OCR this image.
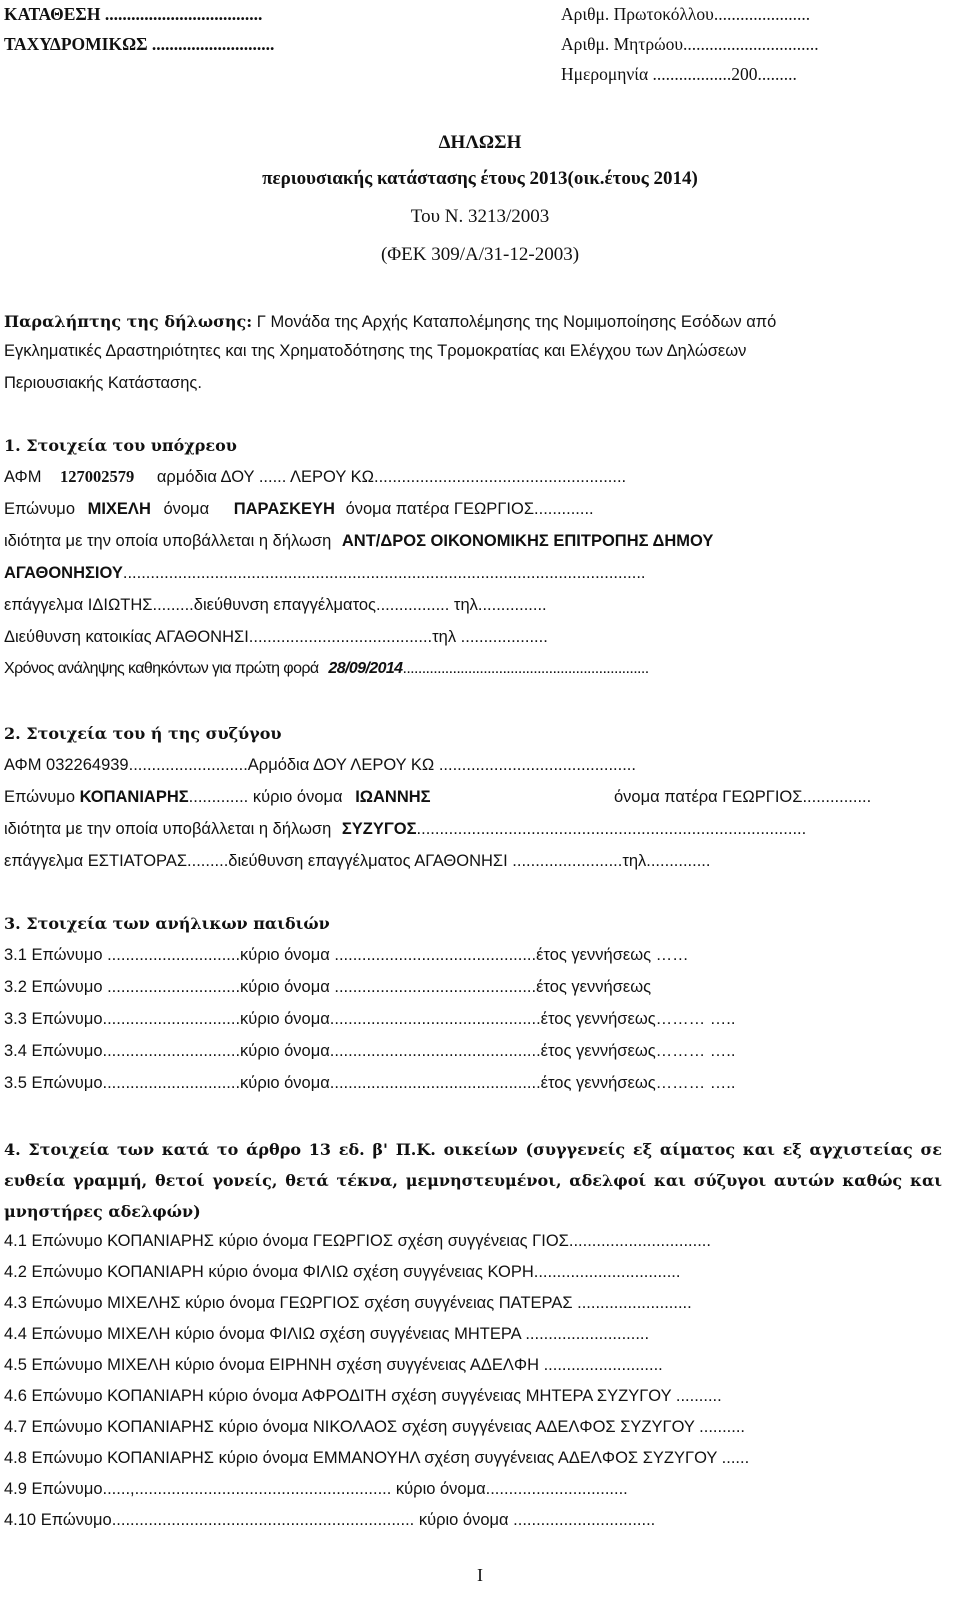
ΚΑΤΑΘΕΣΗ ....................................
ΤΑΧΥΔΡΟΜΙΚΩΣ ............................
Αριθμ. Πρωτοκόλλου......................
Αριθμ. Μητρώου...............................
Ημερομηνία ..................200.........
ΔΗΛΩΣΗ
περιουσιακής κατάστασης έτους 2013(οικ.έτους 2014)
Του Ν. 3213/2003
(ΦΕΚ 309/Α/31-12-2003)
Παραλήπτης της δήλωσης: Γ Μονάδα της Αρχής Καταπολέμησης της Νομιμοποίησης Εσόδων από
Εγκληματικές Δραστηριότητες και της Χρηματοδότησης της Τρομοκρατίας και Ελέγχου των Δηλώσεων
Περιουσιακής Κατάστασης.
1. Στοιχεία του υπόχρεου
ΑΦΜ 127002579 αρμόδια ΔΟΥ ...... ΛΕΡΟΥ ΚΩ.......................................................
Επώνυμο ΜΙΧΕΛΗ όνομα ΠΑΡΑΣΚΕΥΗ όνομα πατέρα ΓΕΩΡΓΙΟΣ.............
ιδιότητα με την οποία υποβάλλεται η δήλωση ΑΝΤ/ΔΡΟΣ ΟΙΚΟΝΟΜΙΚΗΣ ΕΠΙΤΡΟΠΗΣ ΔΗΜΟΥ
ΑΓΑΘΟΝΗΣΙΟΥ..................................................................................................................
επάγγελμα ΙΔΙΩΤΗΣ.........διεύθυνση επαγγέλματος................ τηλ...............
Διεύθυνση κατοικίας ΑΓΑΘΟΝΗΣΙ........................................τηλ ...................
Χρόνος ανάληψης καθηκόντων για πρώτη φορά 28/09/2014................................................................
2. Στοιχεία του ή της συζύγου
ΑΦΜ 032264939..........................Αρμόδια ΔΟΥ ΛΕΡΟΥ ΚΩ ...........................................
Επώνυμο ΚΟΠΑΝΙΑΡΗΣ............. κύριο όνομα ΙΩΑΝΝΗΣ	όνομα πατέρα ΓΕΩΡΓΙΟΣ...............
ιδιότητα με την οποία υποβάλλεται η δήλωση ΣΥΖΥΓΟΣ.....................................................................................
επάγγελμα ΕΣΤΙΑΤΟΡΑΣ.........διεύθυνση επαγγέλματος ΑΓΑΘΟΝΗΣΙ ........................τηλ..............
3. Στοιχεία των ανήλικων παιδιών
3.1 Επώνυμο .............................κύριο όνομα ............................................έτος γεννήσεως ……
3.2 Επώνυμο .............................κύριο όνομα ............................................έτος γεννήσεως
3.3 Επώνυμο..............................κύριο όνομα..............................................έτος γεννήσεως……… …..
3.4 Επώνυμο..............................κύριο όνομα..............................................έτος γεννήσεως……… …..
3.5 Επώνυμο..............................κύριο όνομα..............................................έτος γεννήσεως……… …..
4. Στοιχεία των κατά το άρθρο 13 εδ. β' Π.Κ. οικείων (συγγενείς εξ αίματος και εξ αγχιστείας σε ευθεία γραμμή, θετοί γονείς, θετά τέκνα, μεμνηστευμένοι, αδελφοί και σύζυγοι αυτών καθώς και μνηστήρες αδελφών)
4.1 Επώνυμο ΚΟΠΑΝΙΑΡΗΣ κύριο όνομα ΓΕΩΡΓΙΟΣ σχέση συγγένειας ΓΙΟΣ...............................
4.2 Επώνυμο ΚΟΠΑΝΙΑΡΗ κύριο όνομα ΦΙΛΙΩ σχέση συγγένειας ΚΟΡΗ................................
4.3 Επώνυμο ΜΙΧΕΛΗΣ κύριο όνομα ΓΕΩΡΓΙΟΣ σχέση συγγένειας ΠΑΤΕΡΑΣ .........................
4.4 Επώνυμο ΜΙΧΕΛΗ κύριο όνομα ΦΙΛΙΩ σχέση συγγένειας ΜΗΤΕΡΑ ...........................
4.5 Επώνυμο ΜΙΧΕΛΗ κύριο όνομα ΕΙΡΗΝΗ σχέση συγγένειας ΑΔΕΛΦΗ ..........................
4.6 Επώνυμο ΚΟΠΑΝΙΑΡΗ κύριο όνομα ΑΦΡΟΔΙΤΗ σχέση συγγένειας ΜΗΤΕΡΑ ΣΥΖΥΓΟΥ ..........
4.7 Επώνυμο ΚΟΠΑΝΙΑΡΗΣ κύριο όνομα ΝΙΚΟΛΑΟΣ σχέση συγγένειας ΑΔΕΛΦΟΣ ΣΥΖΥΓΟΥ ..........
4.8 Επώνυμο ΚΟΠΑΝΙΑΡΗΣ κύριο όνομα ΕΜΜΑΝΟΥΗΛ σχέση συγγένειας ΑΔΕΛΦΟΣ ΣΥΖΥΓΟΥ ......
4.9 Επώνυμο......,........................................................ κύριο όνομα...............................
4.10 Επώνυμο.................................................................. κύριο όνομα ...............................
I
